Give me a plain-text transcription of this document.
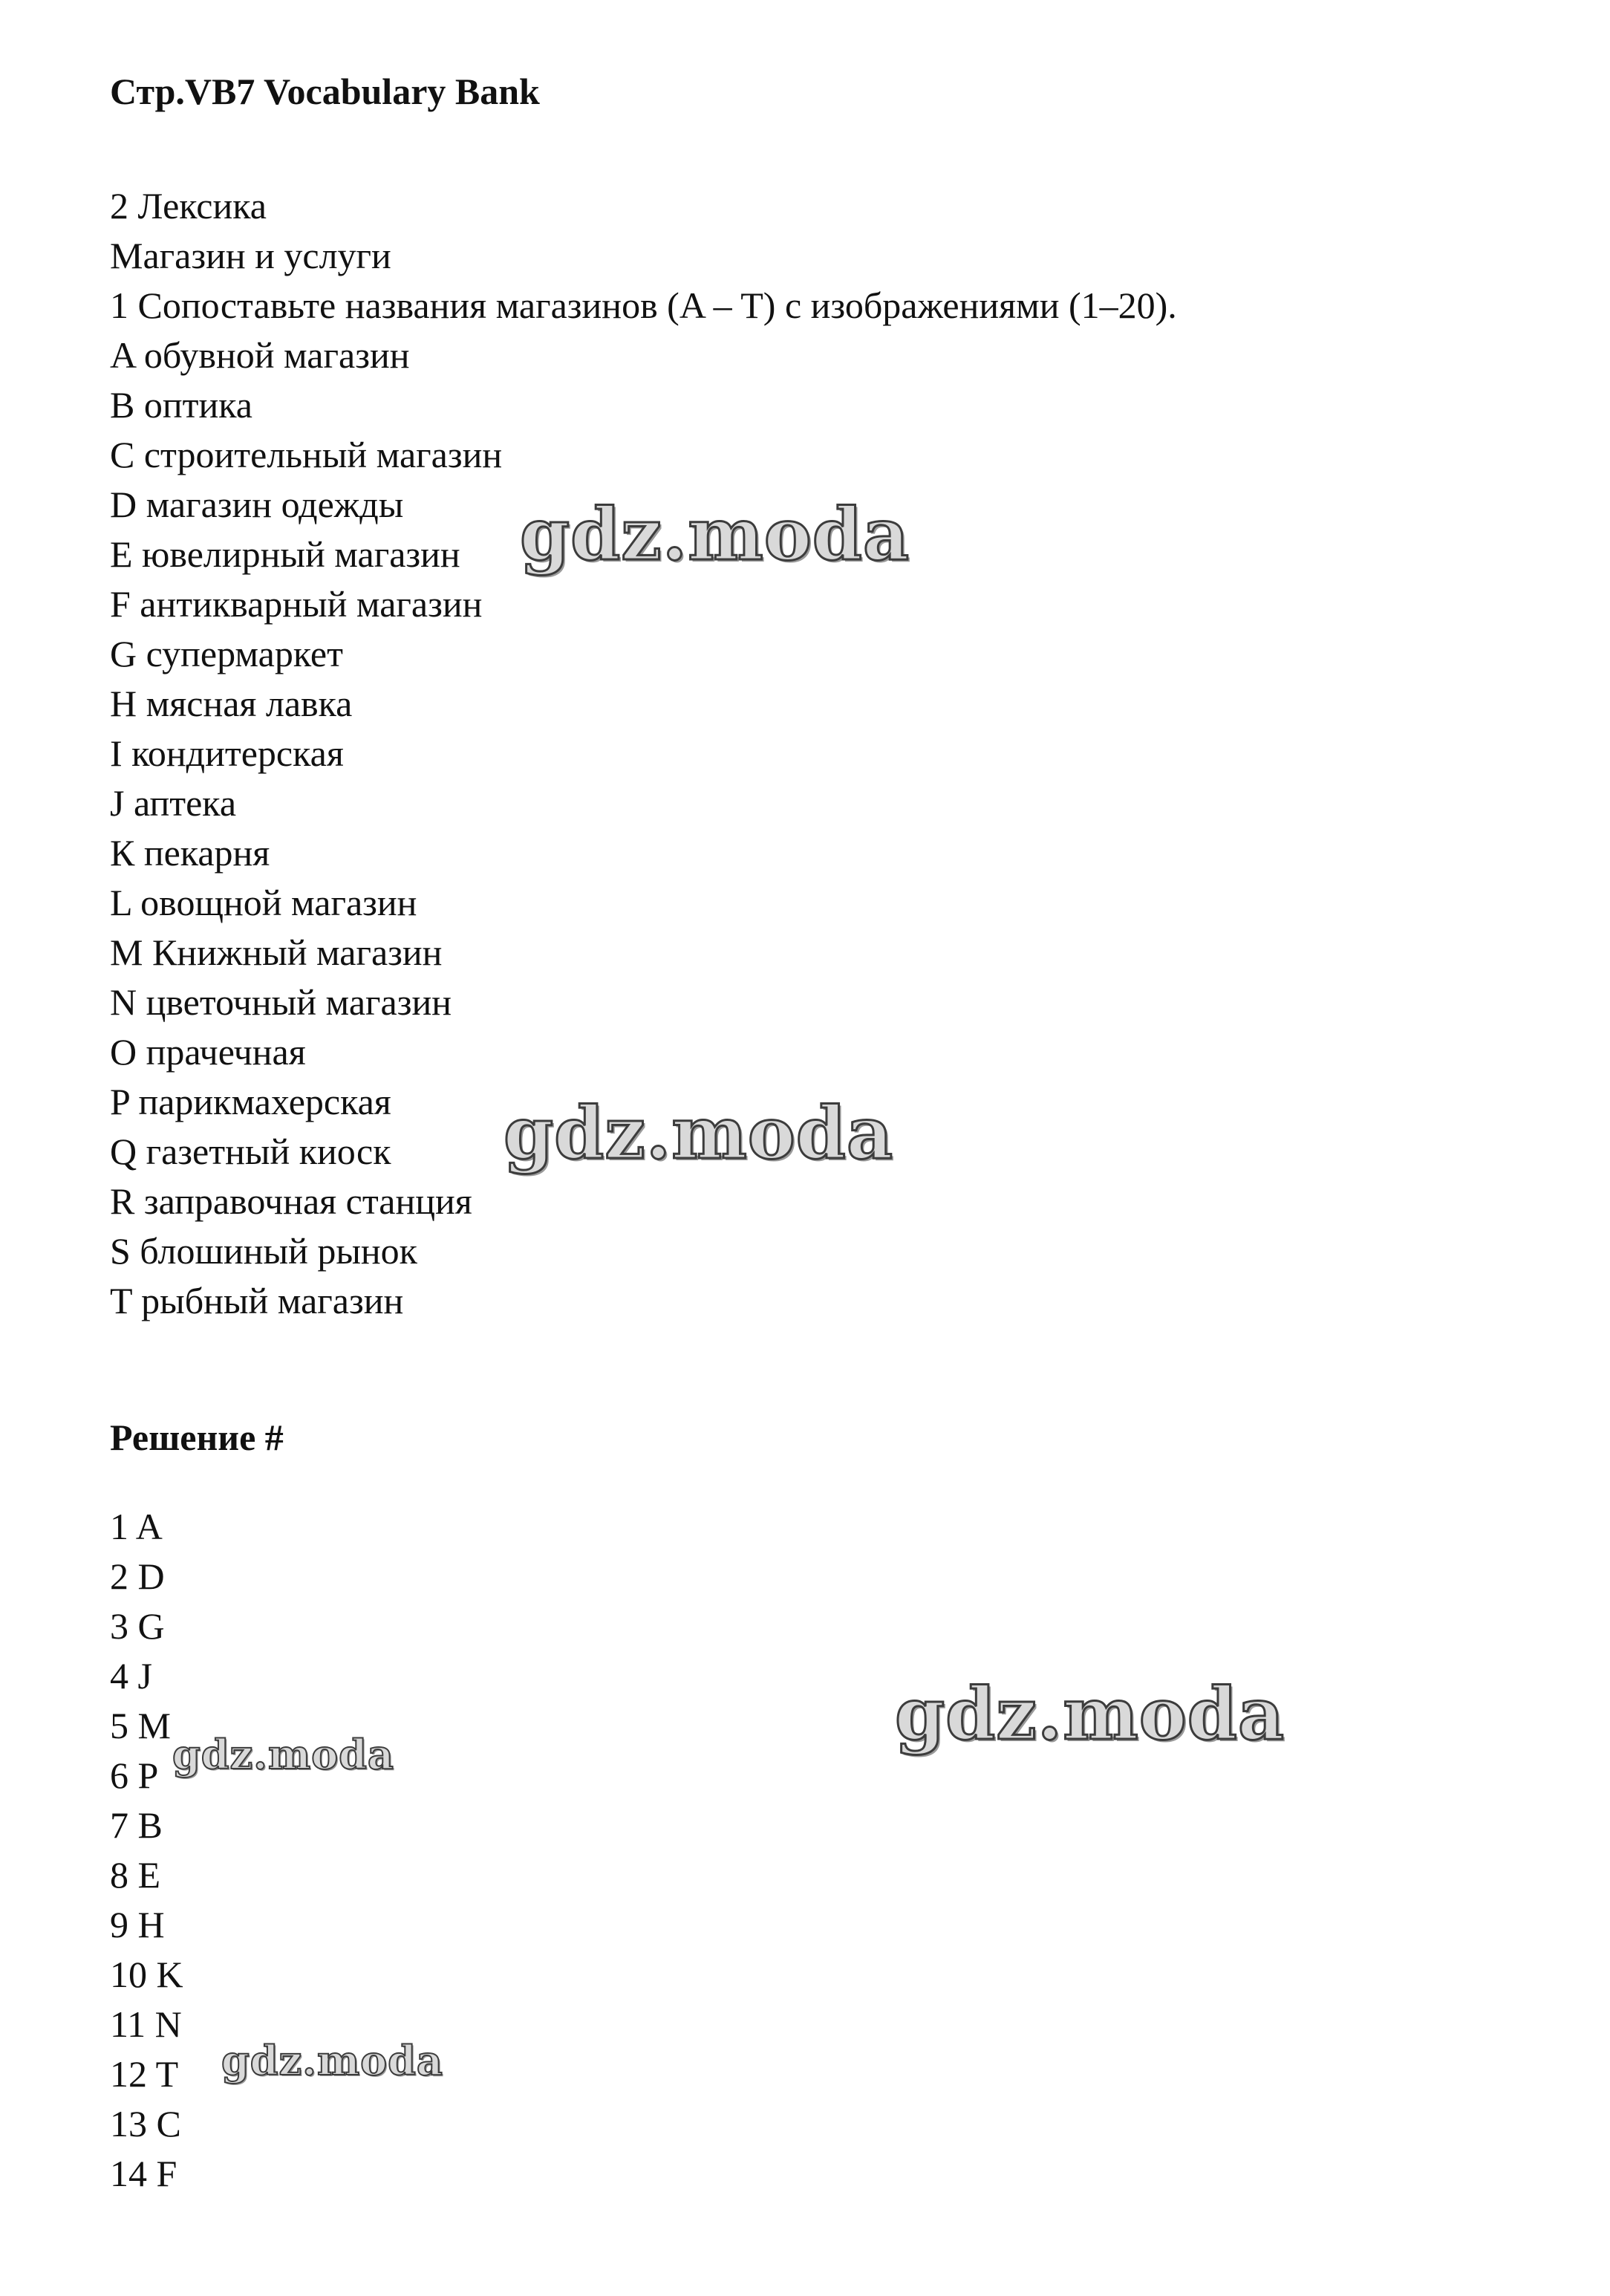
Стр.VB7 Vocabulary Bank
2 Лексика
Магазин и услуги
1 Сопоставьте названия магазинов (A – T) с изображениями (1–20).
A обувной магазин
B оптика
C строительный магазин
D магазин одежды
E ювелирный магазин
F антикварный магазин
G супермаркет
H мясная лавка
I кондитерская
J аптека
К пекарня
L овощной магазин
M Книжный магазин
N цветочный магазин
O прачечная
P парикмахерская
Q газетный киоск
R заправочная станция
S блошиный рынок
T рыбный магазин
Решение #
1 A
2 D
3 G
4 J
5 M
6 P
7 B
8 E
9 H
10 K
11 N
12 T
13 C
14 F
gdz.moda
gdz.moda
gdz.moda
gdz.moda
gdz.moda
